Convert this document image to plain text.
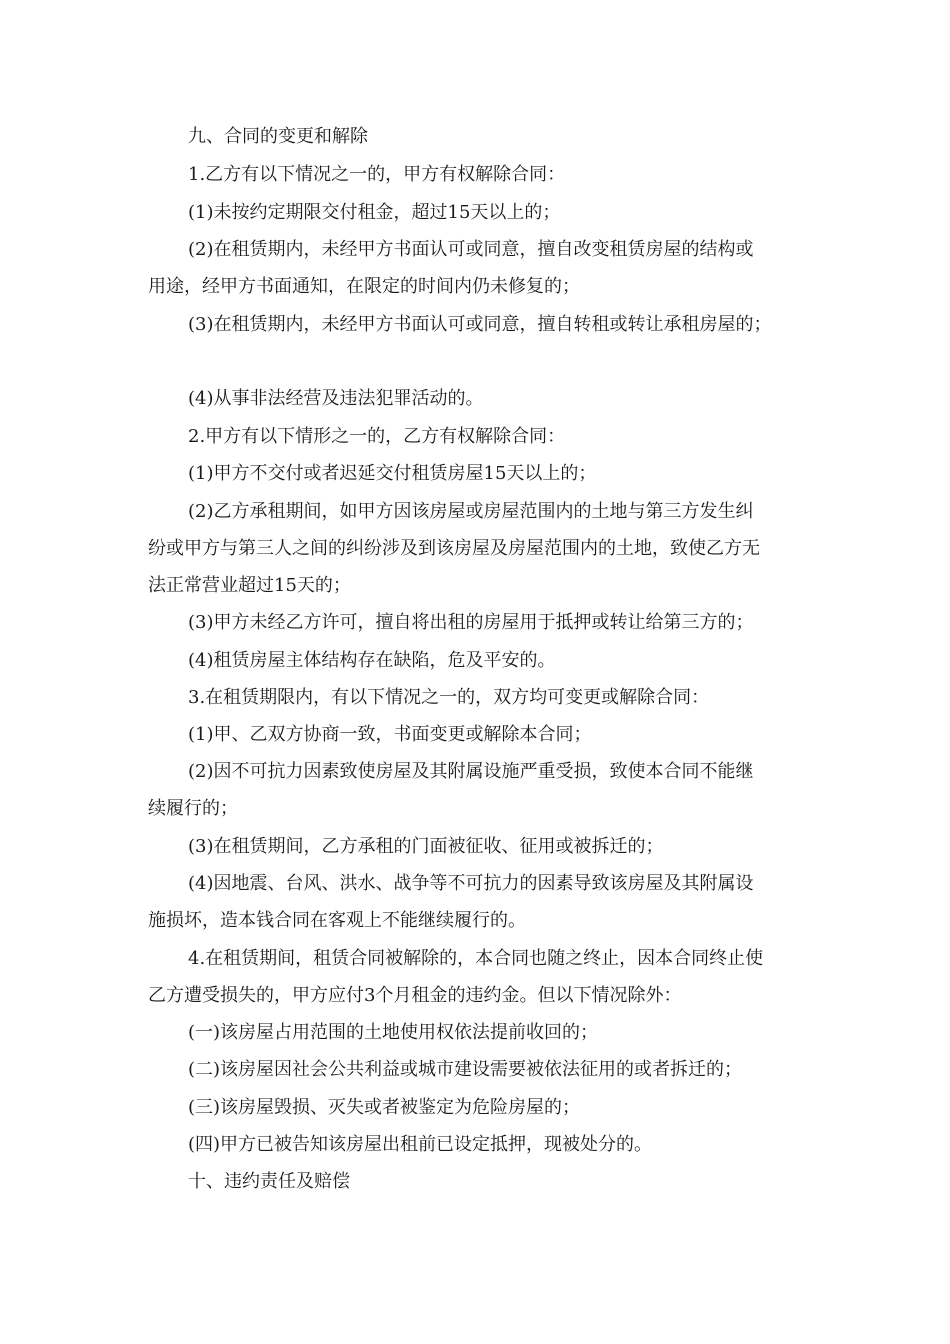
九、合同的变更和解除

1.乙方有以下情况之一的，甲方有权解除合同：

(1)未按约定期限交付租金，超过15天以上的；

(2)在租赁期内，未经甲方书面认可或同意，擅自改变租赁房屋的结构或

用途，经甲方书面通知，在限定的时间内仍未修复的；

(3)在租赁期内，未经甲方书面认可或同意，擅自转租或转让承租房屋的；

(4)从事非法经营及违法犯罪活动的。

2.甲方有以下情形之一的，乙方有权解除合同：

(1)甲方不交付或者迟延交付租赁房屋15天以上的；

(2)乙方承租期间，如甲方因该房屋或房屋范围内的土地与第三方发生纠

纷或甲方与第三人之间的纠纷涉及到该房屋及房屋范围内的土地，致使乙方无

法正常营业超过15天的；

(3)甲方未经乙方许可，擅自将出租的房屋用于抵押或转让给第三方的；

(4)租赁房屋主体结构存在缺陷，危及平安的。

3.在租赁期限内，有以下情况之一的，双方均可变更或解除合同：

(1)甲、乙双方协商一致，书面变更或解除本合同；

(2)因不可抗力因素致使房屋及其附属设施严重受损，致使本合同不能继

续履行的；

(3)在租赁期间，乙方承租的门面被征收、征用或被拆迁的；

(4)因地震、台风、洪水、战争等不可抗力的因素导致该房屋及其附属设

施损坏，造本钱合同在客观上不能继续履行的。

4.在租赁期间，租赁合同被解除的，本合同也随之终止，因本合同终止使

乙方遭受损失的，甲方应付3个月租金的违约金。但以下情况除外：

(一)该房屋占用范围的土地使用权依法提前收回的；

(二)该房屋因社会公共利益或城市建设需要被依法征用的或者拆迁的；

(三)该房屋毁损、灭失或者被鉴定为危险房屋的；

(四)甲方已被告知该房屋出租前已设定抵押，现被处分的。

十、违约责任及赔偿
